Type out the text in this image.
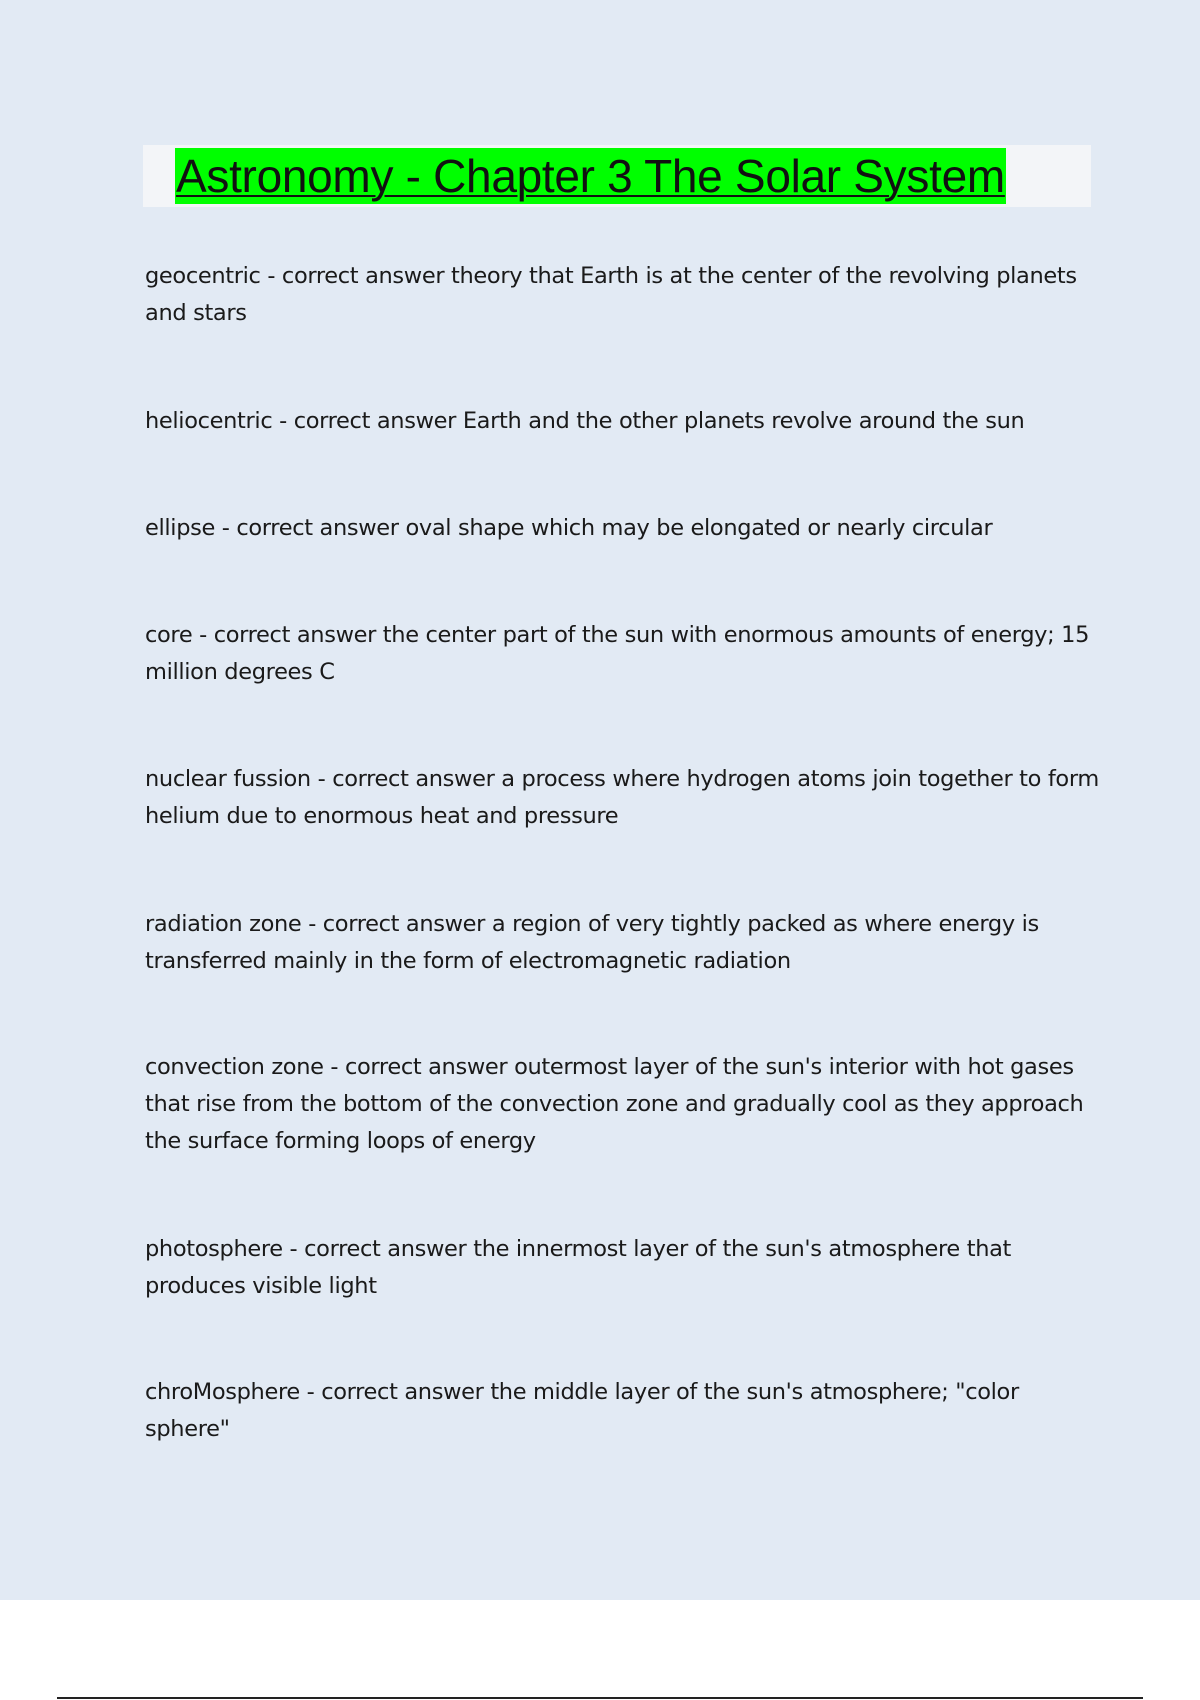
Astronomy - Chapter 3 The Solar System

geocentric - correct answer theory that Earth is at the center of the revolving planets and stars

heliocentric - correct answer Earth and the other planets revolve around the sun

ellipse - correct answer oval shape which may be elongated or nearly circular

core - correct answer the center part of the sun with enormous amounts of energy; 15 million degrees C

nuclear fussion - correct answer a process where hydrogen atoms join together to form helium due to enormous heat and pressure

radiation zone - correct answer a region of very tightly packed as where energy is transferred mainly in the form of electromagnetic radiation

convection zone - correct answer outermost layer of the sun's interior with hot gases that rise from the bottom of the convection zone and gradually cool as they approach the surface forming loops of energy

photosphere - correct answer the innermost layer of the sun's atmosphere that produces visible light

chroMosphere - correct answer the middle layer of the sun's atmosphere; "color sphere"
